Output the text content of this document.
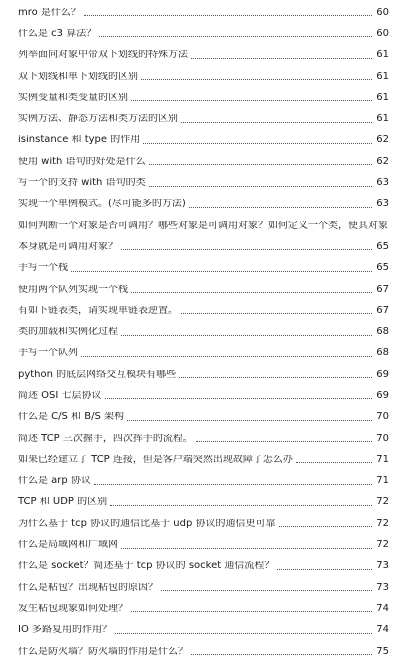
mro 是什么？	60
什么是 c3 算法？	60
列举面向对象中带双下划线的特殊方法	61
双下划线和单下划线的区别	61
实例变量和类变量的区别	61
实例方法、静态方法和类方法的区别	61
isinstance 和 type 的作用	62
使用 with 语句的好处是什么	62
写一个的支持 with 语句的类	63
实现一个单例模式。(尽可能多的方法)	63
如何判断一个对象是否可调用？哪些对象是可调用对象？如何定义一个类，使其对象
本身就是可调用对象？	65
手写一个栈	65
使用两个队列实现一个栈	67
有如下链表类，请实现单链表逆置。	67
类的加载和实例化过程	68
手写一个队列	68
python 的底层网络交互模块有哪些	69
简述 OSI 七层协议	69
什么是 C/S 和 B/S 架构	70
简述 TCP 三次握手，四次挥手的流程。	70
如果已经建立了 TCP 连接，但是客户端突然出现故障了怎么办	71
什么是 arp 协议	71
TCP 和 UDP 的区别	72
为什么基于 tcp 协议的通信比基于 udp 协议的通信更可靠	72
什么是局域网和广域网	72
什么是 socket？简述基于 tcp 协议的 socket 通信流程？	73
什么是粘包？出现粘包的原因？	73
发生粘包现象如何处理？	74
IO 多路复用的作用？	74
什么是防火墙？防火墙的作用是什么？	75
